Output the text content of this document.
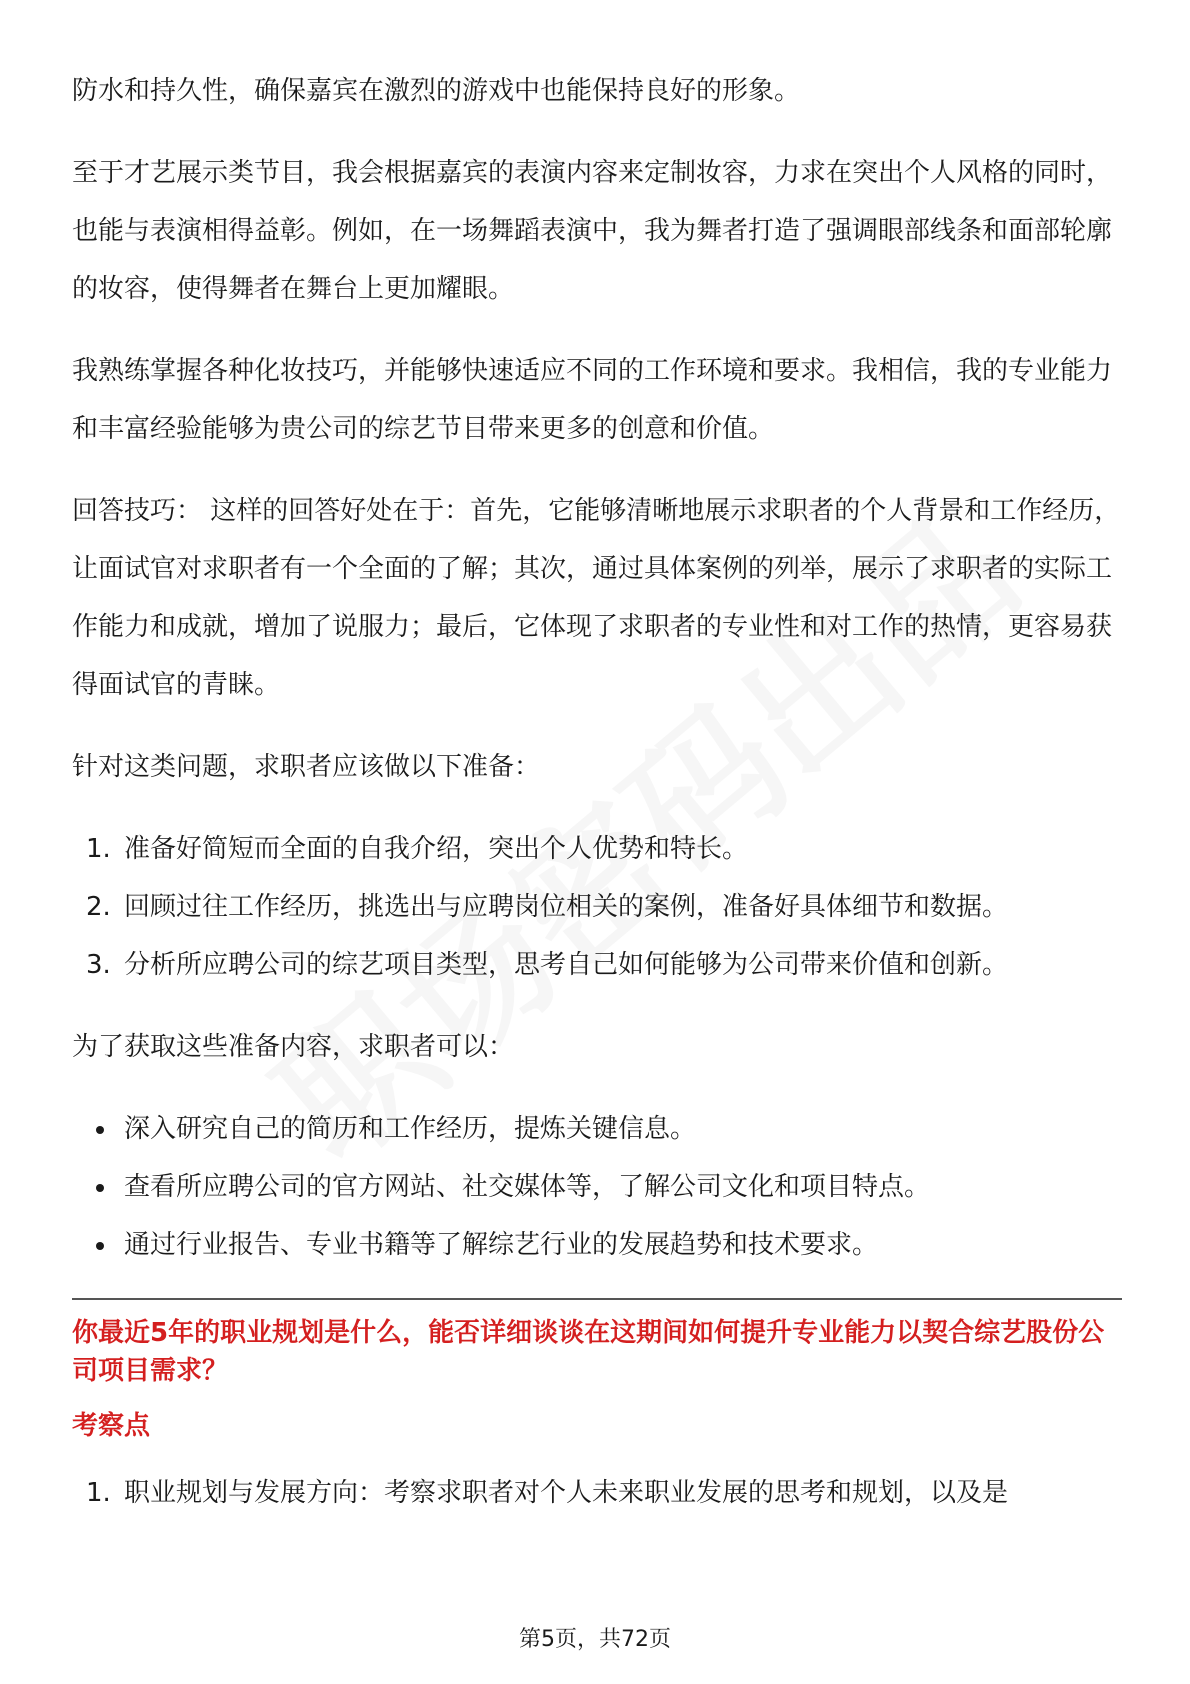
防水和持久性，确保嘉宾在激烈的游戏中也能保持良好的形象。

至于才艺展示类节目，我会根据嘉宾的表演内容来定制妆容，力求在突出个人风格的同时，也能与表演相得益彰。例如，在一场舞蹈表演中，我为舞者打造了强调眼部线条和面部轮廓的妆容，使得舞者在舞台上更加耀眼。

我熟练掌握各种化妆技巧，并能够快速适应不同的工作环境和要求。我相信，我的专业能力和丰富经验能够为贵公司的综艺节目带来更多的创意和价值。

回答技巧： 这样的回答好处在于：首先，它能够清晰地展示求职者的个人背景和工作经历，让面试官对求职者有一个全面的了解；其次，通过具体案例的列举，展示了求职者的实际工作能力和成就，增加了说服力；最后，它体现了求职者的专业性和对工作的热情，更容易获得面试官的青睐。

针对这类问题，求职者应该做以下准备：

1. 准备好简短而全面的自我介绍，突出个人优势和特长。
2. 回顾过往工作经历，挑选出与应聘岗位相关的案例，准备好具体细节和数据。
3. 分析所应聘公司的综艺项目类型，思考自己如何能够为公司带来价值和创新。

为了获取这些准备内容，求职者可以：

深入研究自己的简历和工作经历，提炼关键信息。
查看所应聘公司的官方网站、社交媒体等，了解公司文化和项目特点。
通过行业报告、专业书籍等了解综艺行业的发展趋势和技术要求。
你最近5年的职业规划是什么，能否详细谈谈在这期间如何提升专业能力以契合综艺股份公司项目需求？
考察点
1. 职业规划与发展方向：考察求职者对个人未来职业发展的思考和规划，以及是
第5页，共72页
